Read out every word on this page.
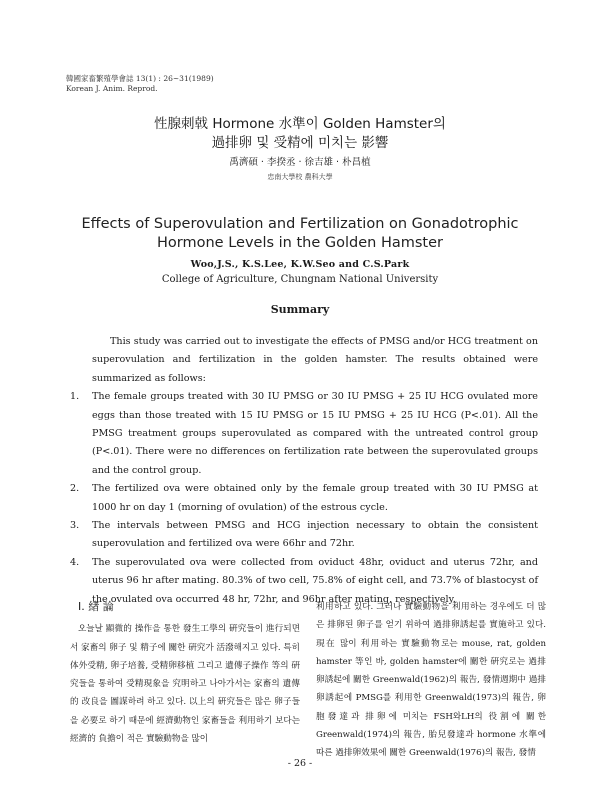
韓國家畜繁殖學會誌 13(1) : 26~31(1989)
Korean J. Anim. Reprod.
性腺刺戟 Hormone 水準이 Golden Hamster의
過排卵 및 受精에 미치는 影響
禹濟碩 · 李揆丞 · 徐吉雄 · 朴昌植
忠南大學校 農科大學
Effects of Superovulation and Fertilization on Gonadotrophic
Hormone Levels in the Golden Hamster
Woo,J.S., K.S.Lee, K.W.Seo and C.S.Park
College of Agriculture, Chungnam National University
Summary

This study was carried out to investigate the effects of PMSG and/or HCG treatment on superovulation and fertilization in the golden hamster. The results obtained were summarized as follows:

1. The female groups treated with 30 IU PMSG or 30 IU PMSG + 25 IU HCG ovulated more eggs than those treated with 15 IU PMSG or 15 IU PMSG + 25 IU HCG (P<.01). All the PMSG treatment groups superovulated as compared with the untreated control group (P<.01). There were no differences on fertilization rate between the superovulated groups and the control group.
2. The fertilized ova were obtained only by the female group treated with 30 IU PMSG at 1000 hr on day 1 (morning of ovulation) of the estrous cycle.
3. The intervals between PMSG and HCG injection necessary to obtain the consistent superovulation and fertilized ova were 66hr and 72hr.
4. The superovulated ova were collected from oviduct 48hr, oviduct and uterus 72hr, and uterus 96 hr after mating. 80.3% of two cell, 75.8% of eight cell, and 73.7% of blastocyst of the ovulated ova occurred 48 hr, 72hr, and 96hr after mating, respectively.
I. 緖 論

오늘날 顯微的 操作을 통한 發生工學의 硏究들이 進行되면서 家畜의 卵子 및 精子에 關한 硏究가 活潑해지고 있다. 특히 体外受精, 卵子培養, 受精卵移植 그리고 遺傳子操作 等의 硏究들을 통하여 受精現象을 究明하고 나아가서는 家畜의 遺傳的 改良을 圖謀하려 하고 있다. 以上의 硏究들은 많은 卵子들을 必要로 하기 때문에 經濟動物인 家畜들을 利用하기 보다는 經濟的 負擔이 적은 實驗動物을 많이

利用하고 있다. 그러나 實驗動物을 利用하는 경우에도 더 많은 排卵된 卵子를 얻기 위하여 過排卵誘起를 實施하고 있다. 現在 많이 利用하는 實驗動物로는 mouse, rat, golden hamster 等인 바, golden hamster에 關한 硏究로는 過排卵誘起에 關한 Greenwald(1962)의 報告, 發情週期中 過排卵誘起에 PMSG를 利用한 Greenwald(1973)의 報告, 卵胞發達과 排卵에 미치는 FSH와LH의 役割에 關한 Greenwald(1974)의 報告, 胎兒發達과 hormone 水準에따른 過排卵效果에 關한 Greenwald(1976)의 報告, 發情

- 26 -
